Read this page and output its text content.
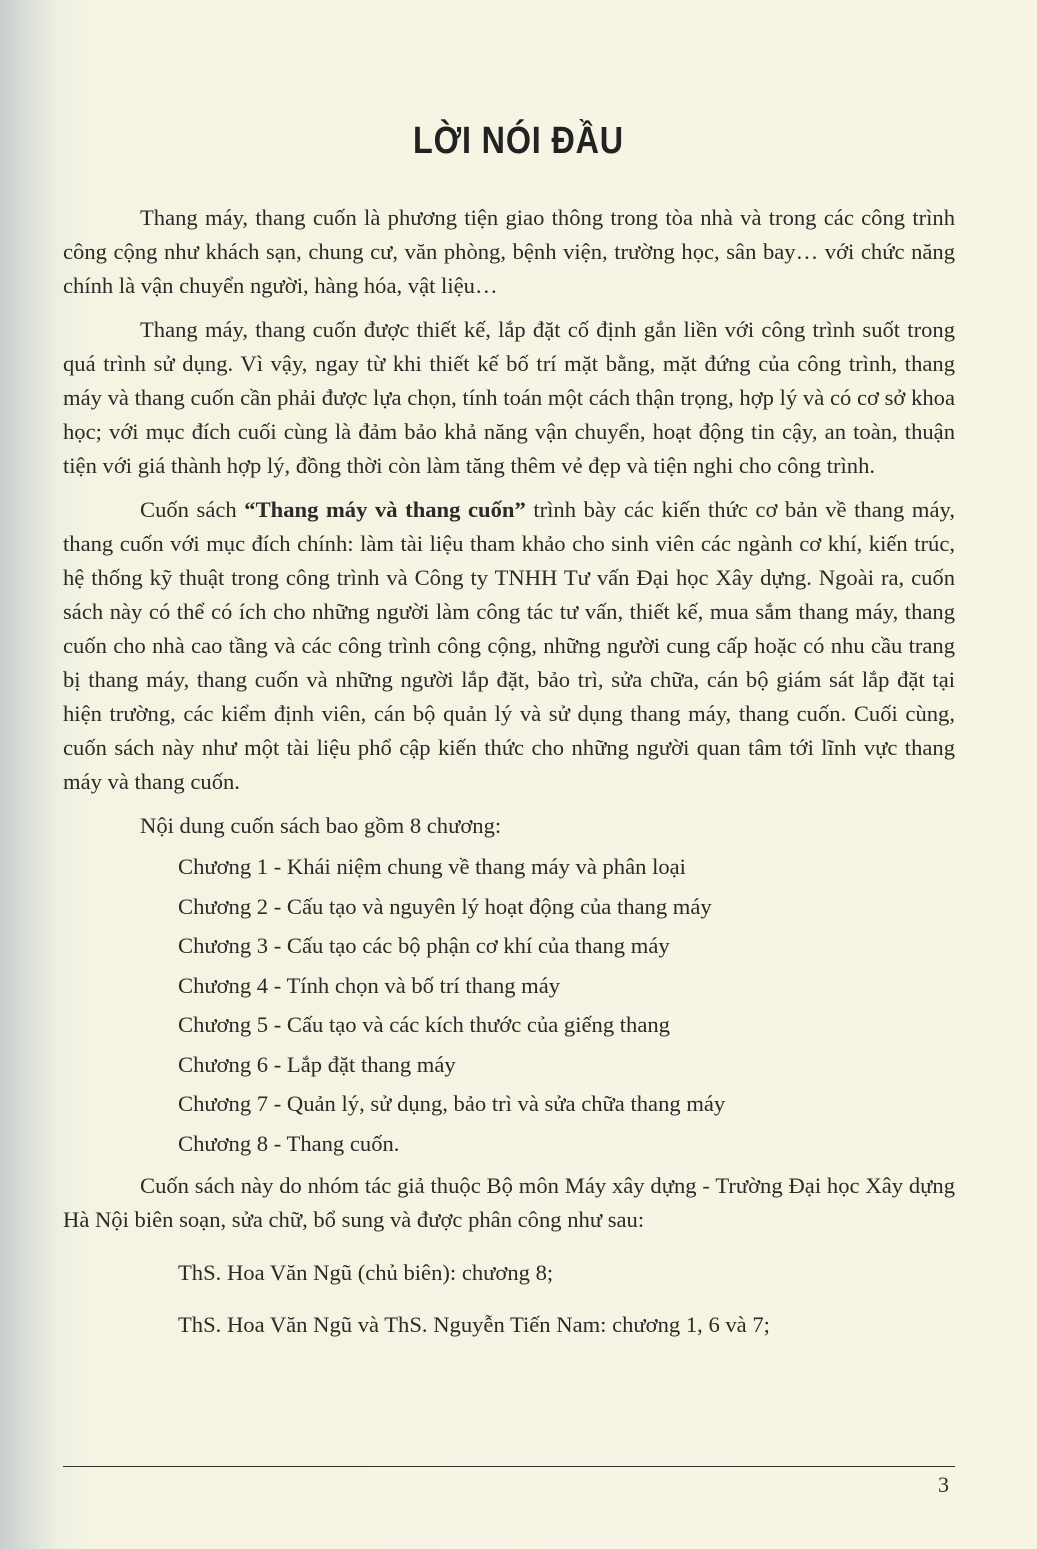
LỜI NÓI ĐẦU

Thang máy, thang cuốn là phương tiện giao thông trong tòa nhà và trong các công trình công cộng như khách sạn, chung cư, văn phòng, bệnh viện, trường học, sân bay… với chức năng chính là vận chuyển người, hàng hóa, vật liệu…

Thang máy, thang cuốn được thiết kế, lắp đặt cố định gắn liền với công trình suốt trong quá trình sử dụng. Vì vậy, ngay từ khi thiết kế bố trí mặt bằng, mặt đứng của công trình, thang máy và thang cuốn cần phải được lựa chọn, tính toán một cách thận trọng, hợp lý và có cơ sở khoa học; với mục đích cuối cùng là đảm bảo khả năng vận chuyển, hoạt động tin cậy, an toàn, thuận tiện với giá thành hợp lý, đồng thời còn làm tăng thêm vẻ đẹp và tiện nghi cho công trình.

Cuốn sách “Thang máy và thang cuốn” trình bày các kiến thức cơ bản về thang máy, thang cuốn với mục đích chính: làm tài liệu tham khảo cho sinh viên các ngành cơ khí, kiến trúc, hệ thống kỹ thuật trong công trình và Công ty TNHH Tư vấn Đại học Xây dựng. Ngoài ra, cuốn sách này có thể có ích cho những người làm công tác tư vấn, thiết kế, mua sắm thang máy, thang cuốn cho nhà cao tầng và các công trình công cộng, những người cung cấp hoặc có nhu cầu trang bị thang máy, thang cuốn và những người lắp đặt, bảo trì, sửa chữa, cán bộ giám sát lắp đặt tại hiện trường, các kiểm định viên, cán bộ quản lý và sử dụng thang máy, thang cuốn. Cuối cùng, cuốn sách này như một tài liệu phổ cập kiến thức cho những người quan tâm tới lĩnh vực thang máy và thang cuốn.

Nội dung cuốn sách bao gồm 8 chương:

Chương 1 - Khái niệm chung về thang máy và phân loại
Chương 2 - Cấu tạo và nguyên lý hoạt động của thang máy
Chương 3 - Cấu tạo các bộ phận cơ khí của thang máy
Chương 4 - Tính chọn và bố trí thang máy
Chương 5 - Cấu tạo và các kích thước của giếng thang
Chương 6 - Lắp đặt thang máy
Chương 7 - Quản lý, sử dụng, bảo trì và sửa chữa thang máy
Chương 8 - Thang cuốn.

Cuốn sách này do nhóm tác giả thuộc Bộ môn Máy xây dựng - Trường Đại học Xây dựng Hà Nội biên soạn, sửa chữ, bổ sung và được phân công như sau:

ThS. Hoa Văn Ngũ (chủ biên): chương 8;
ThS. Hoa Văn Ngũ và ThS. Nguyễn Tiến Nam: chương 1, 6 và 7;
3
